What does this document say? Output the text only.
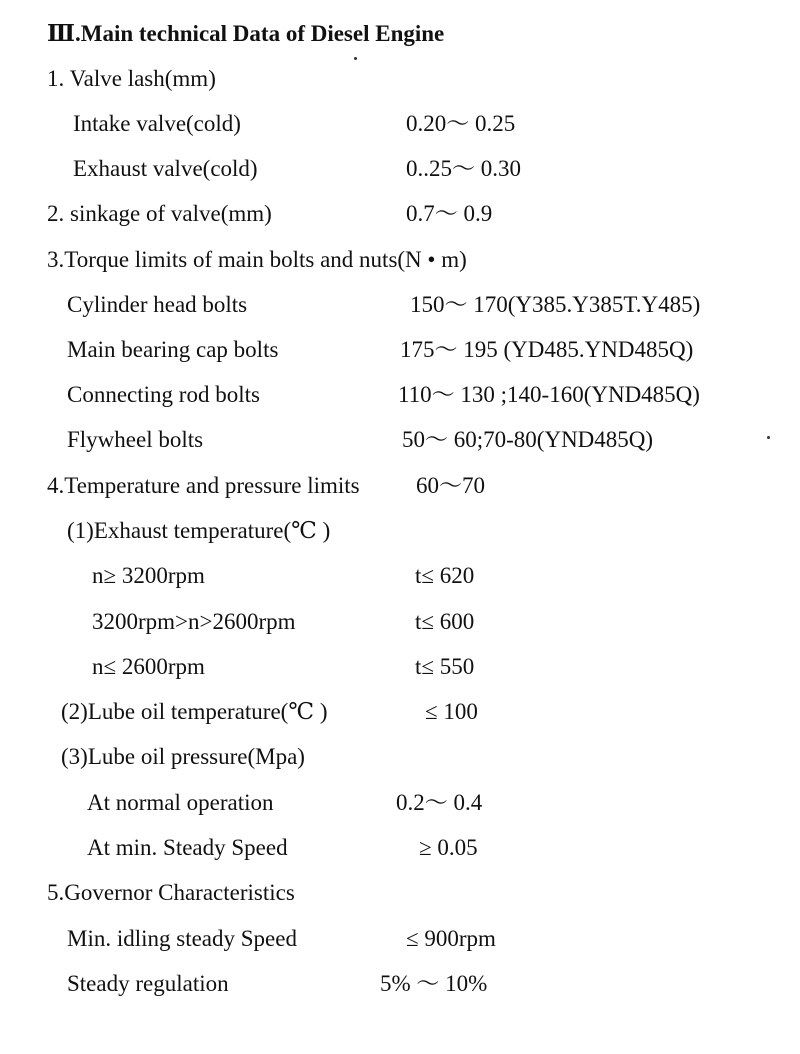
Ⅲ.Main technical Data of Diesel Engine
1. Valve lash(mm)
Intake valve(cold)	0.20～ 0.25
Exhaust valve(cold)	0..25～ 0.30
2. sinkage of valve(mm)	0.7～ 0.9
3.Torque limits of main bolts and nuts(N • m)
Cylinder head bolts	150～ 170(Y385.Y385T.Y485)
Main bearing cap bolts	175～ 195 (YD485.YND485Q)
Connecting rod bolts	110～ 130 ;140-160(YND485Q)
Flywheel bolts	50～ 60;70-80(YND485Q)
4.Temperature and pressure limits 60～70
(1)Exhaust temperature(℃ )
n≥ 3200rpm	t≤ 620
3200rpm>n>2600rpm	t≤ 600
n≤ 2600rpm	t≤ 550
(2)Lube oil temperature(℃ )	≤ 100
(3)Lube oil pressure(Mpa)
At normal operation	0.2～ 0.4
At min. Steady Speed	≥ 0.05
5.Governor Characteristics
Min. idling steady Speed	≤ 900rpm
Steady regulation	5% ～ 10%
